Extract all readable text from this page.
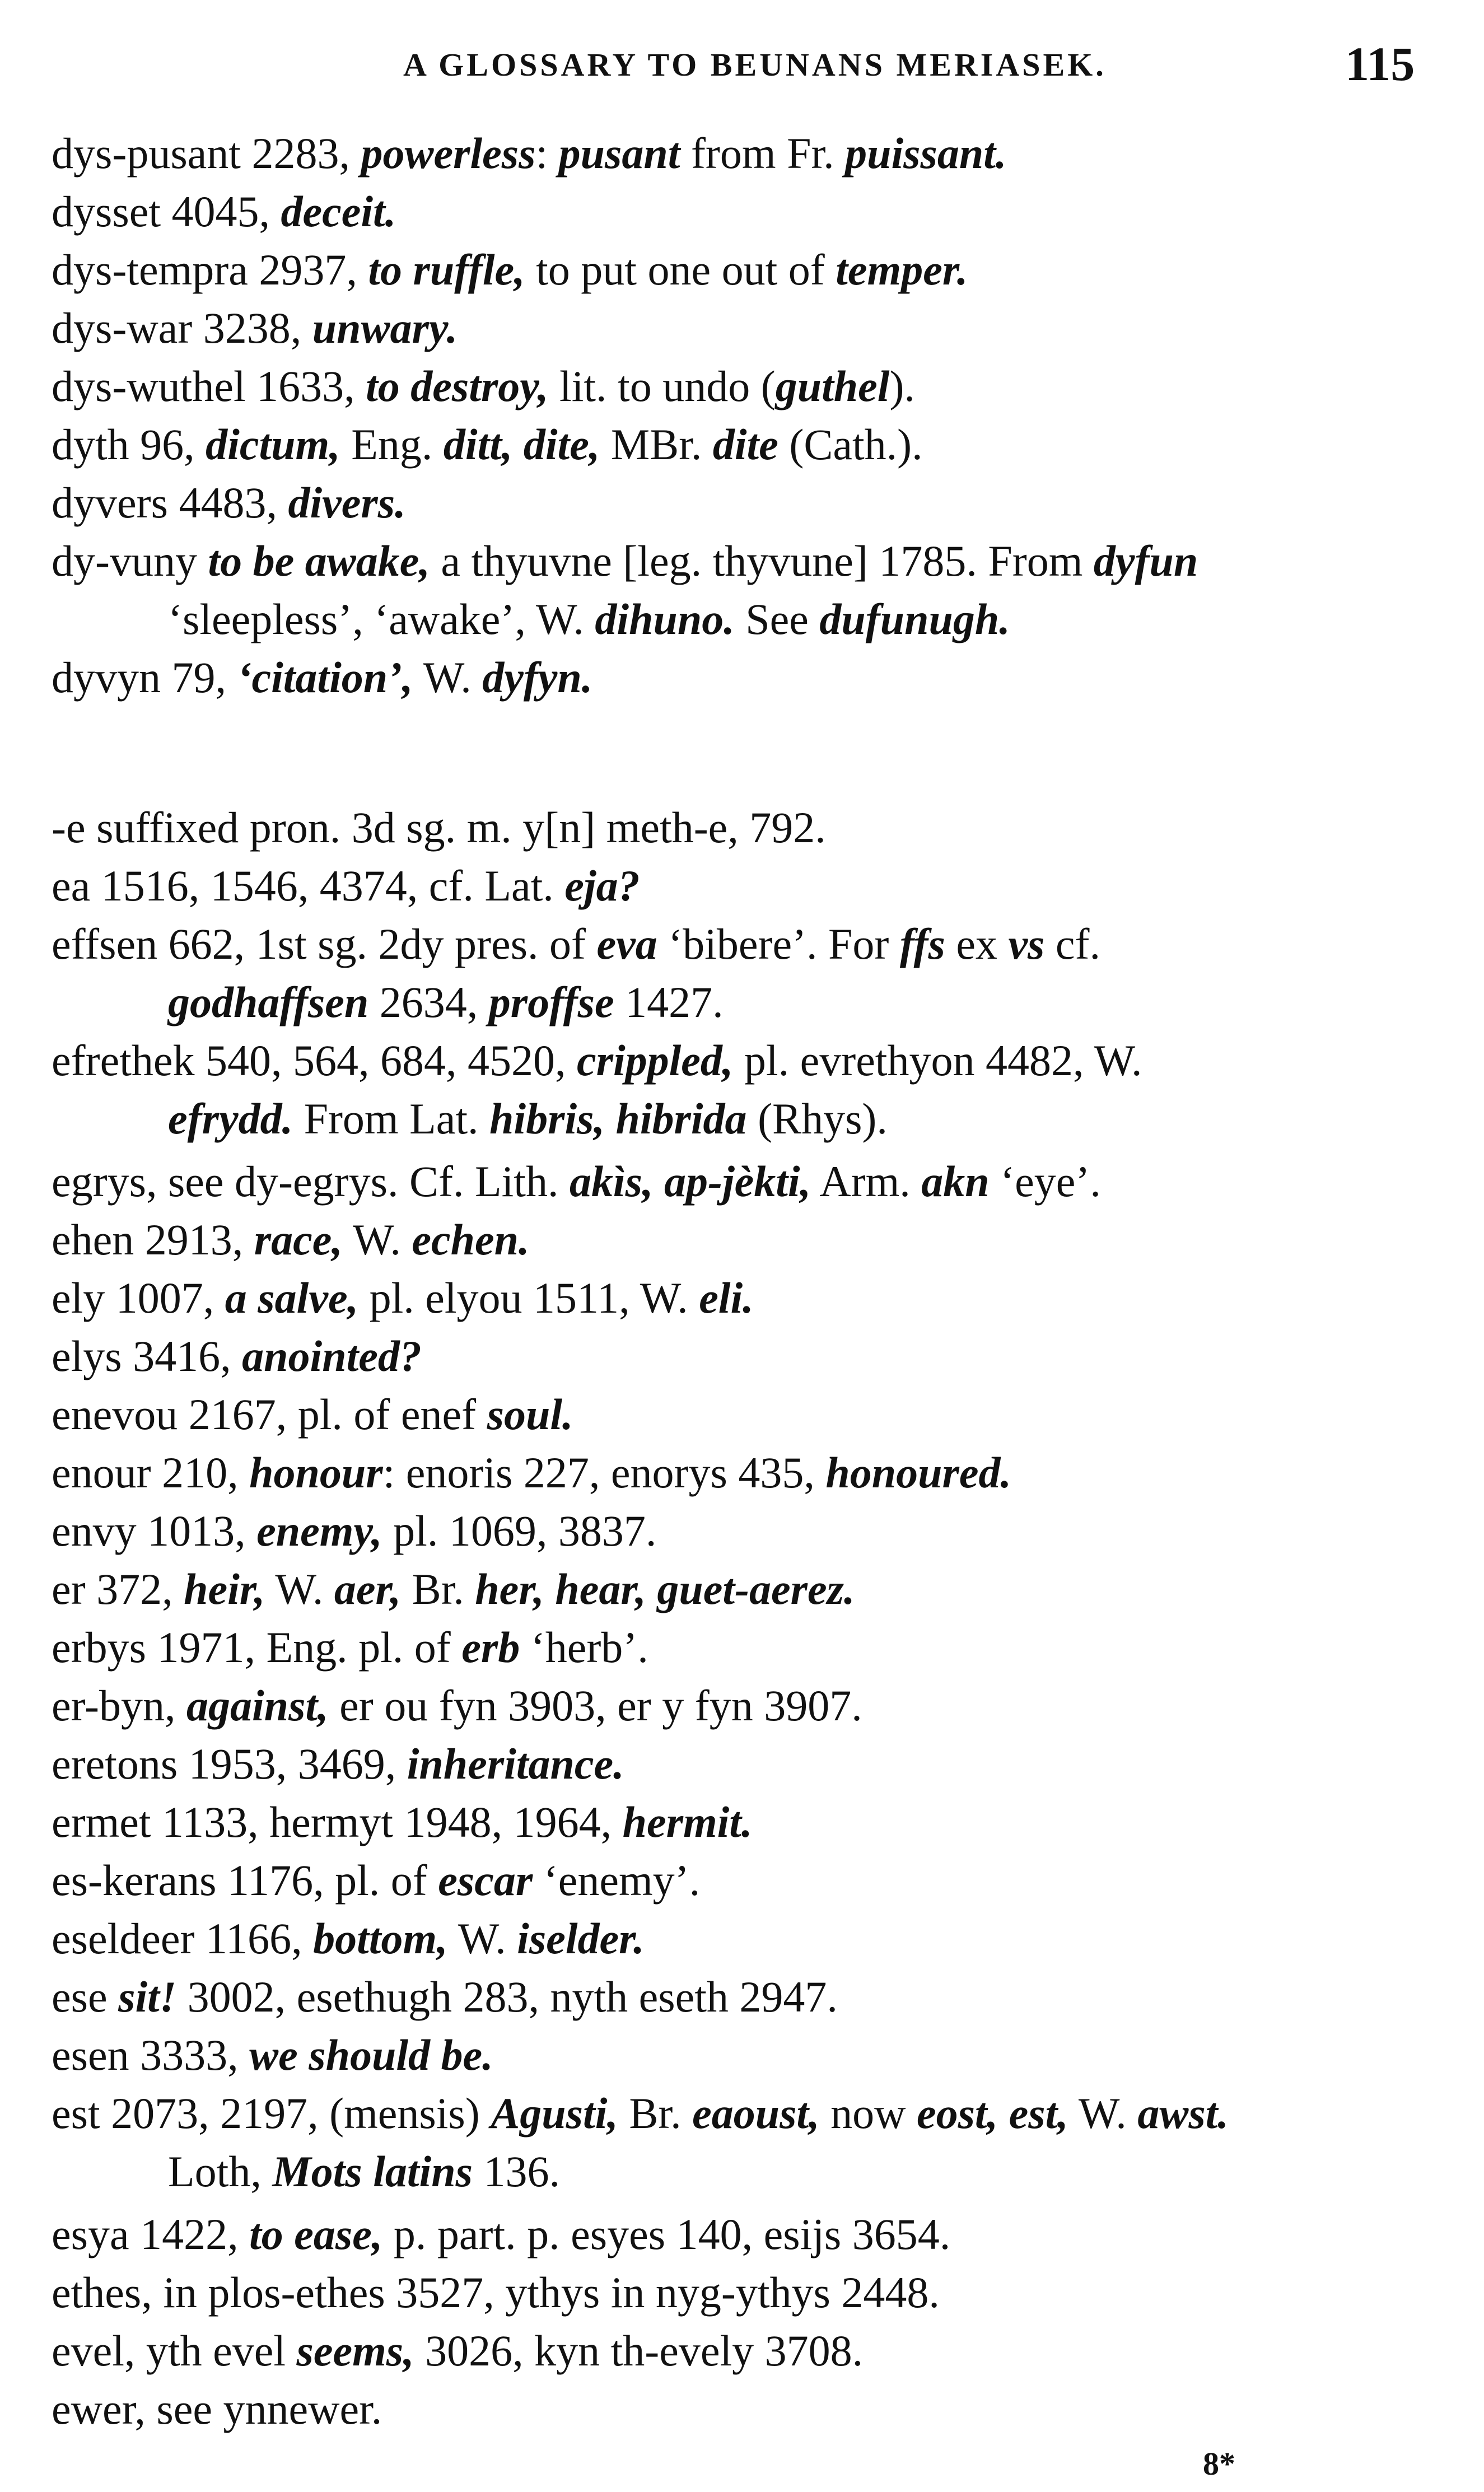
A GLOSSARY TO BEUNANS MERIASEK.	115

dys-pusant 2283, powerless: pusant from Fr. puissant.

dysset 4045, deceit.

dys-tempra 2937, to ruffle, to put one out of temper.

dys-war 3238, unwary.

dys-wuthel 1633, to destroy, lit. to undo (guthel).

dyth 96, dictum, Eng. ditt, dite, MBr. dite (Cath.).

dyvers 4483, divers.

dy-vuny to be awake, a thyuvne [leg. thyvune] 1785. From dyfun
‘sleepless’, ‘awake’, W. dihuno. See dufunugh.

dyvyn 79, ‘citation’, W. dyfyn.

-e suffixed pron. 3d sg. m. y[n] meth-e, 792.

ea 1516, 1546, 4374, cf. Lat. eja?

effsen 662, 1st sg. 2dy pres. of eva ‘bibere’. For ffs ex vs cf.
godhaffsen 2634, proffse 1427.

efrethek 540, 564, 684, 4520, crippled, pl. evrethyon 4482, W.
efrydd. From Lat. hibris, hibrida (Rhys).

egrys, see dy-egrys. Cf. Lith. akìs, ap-jèkti, Arm. akn ‘eye’.

ehen 2913, race, W. echen.

ely 1007, a salve, pl. elyou 1511, W. eli.

elys 3416, anointed?

enevou 2167, pl. of enef soul.

enour 210, honour: enoris 227, enorys 435, honoured.

envy 1013, enemy, pl. 1069, 3837.

er 372, heir, W. aer, Br. her, hear, guet-aerez.

erbys 1971, Eng. pl. of erb ‘herb’.

er-byn, against, er ou fyn 3903, er y fyn 3907.

eretons 1953, 3469, inheritance.

ermet 1133, hermyt 1948, 1964, hermit.

es-kerans 1176, pl. of escar ‘enemy’.

eseldeer 1166, bottom, W. iselder.

ese sit! 3002, esethugh 283, nyth eseth 2947.

esen 3333, we should be.

est 2073, 2197, (mensis) Agusti, Br. eaoust, now eost, est, W. awst.
Loth, Mots latins 136.

esya 1422, to ease, p. part. p. esyes 140, esijs 3654.

ethes, in plos-ethes 3527, ythys in nyg-ythys 2448.

evel, yth evel seems, 3026, kyn th-evely 3708.

ewer, see ynnewer.

8*
